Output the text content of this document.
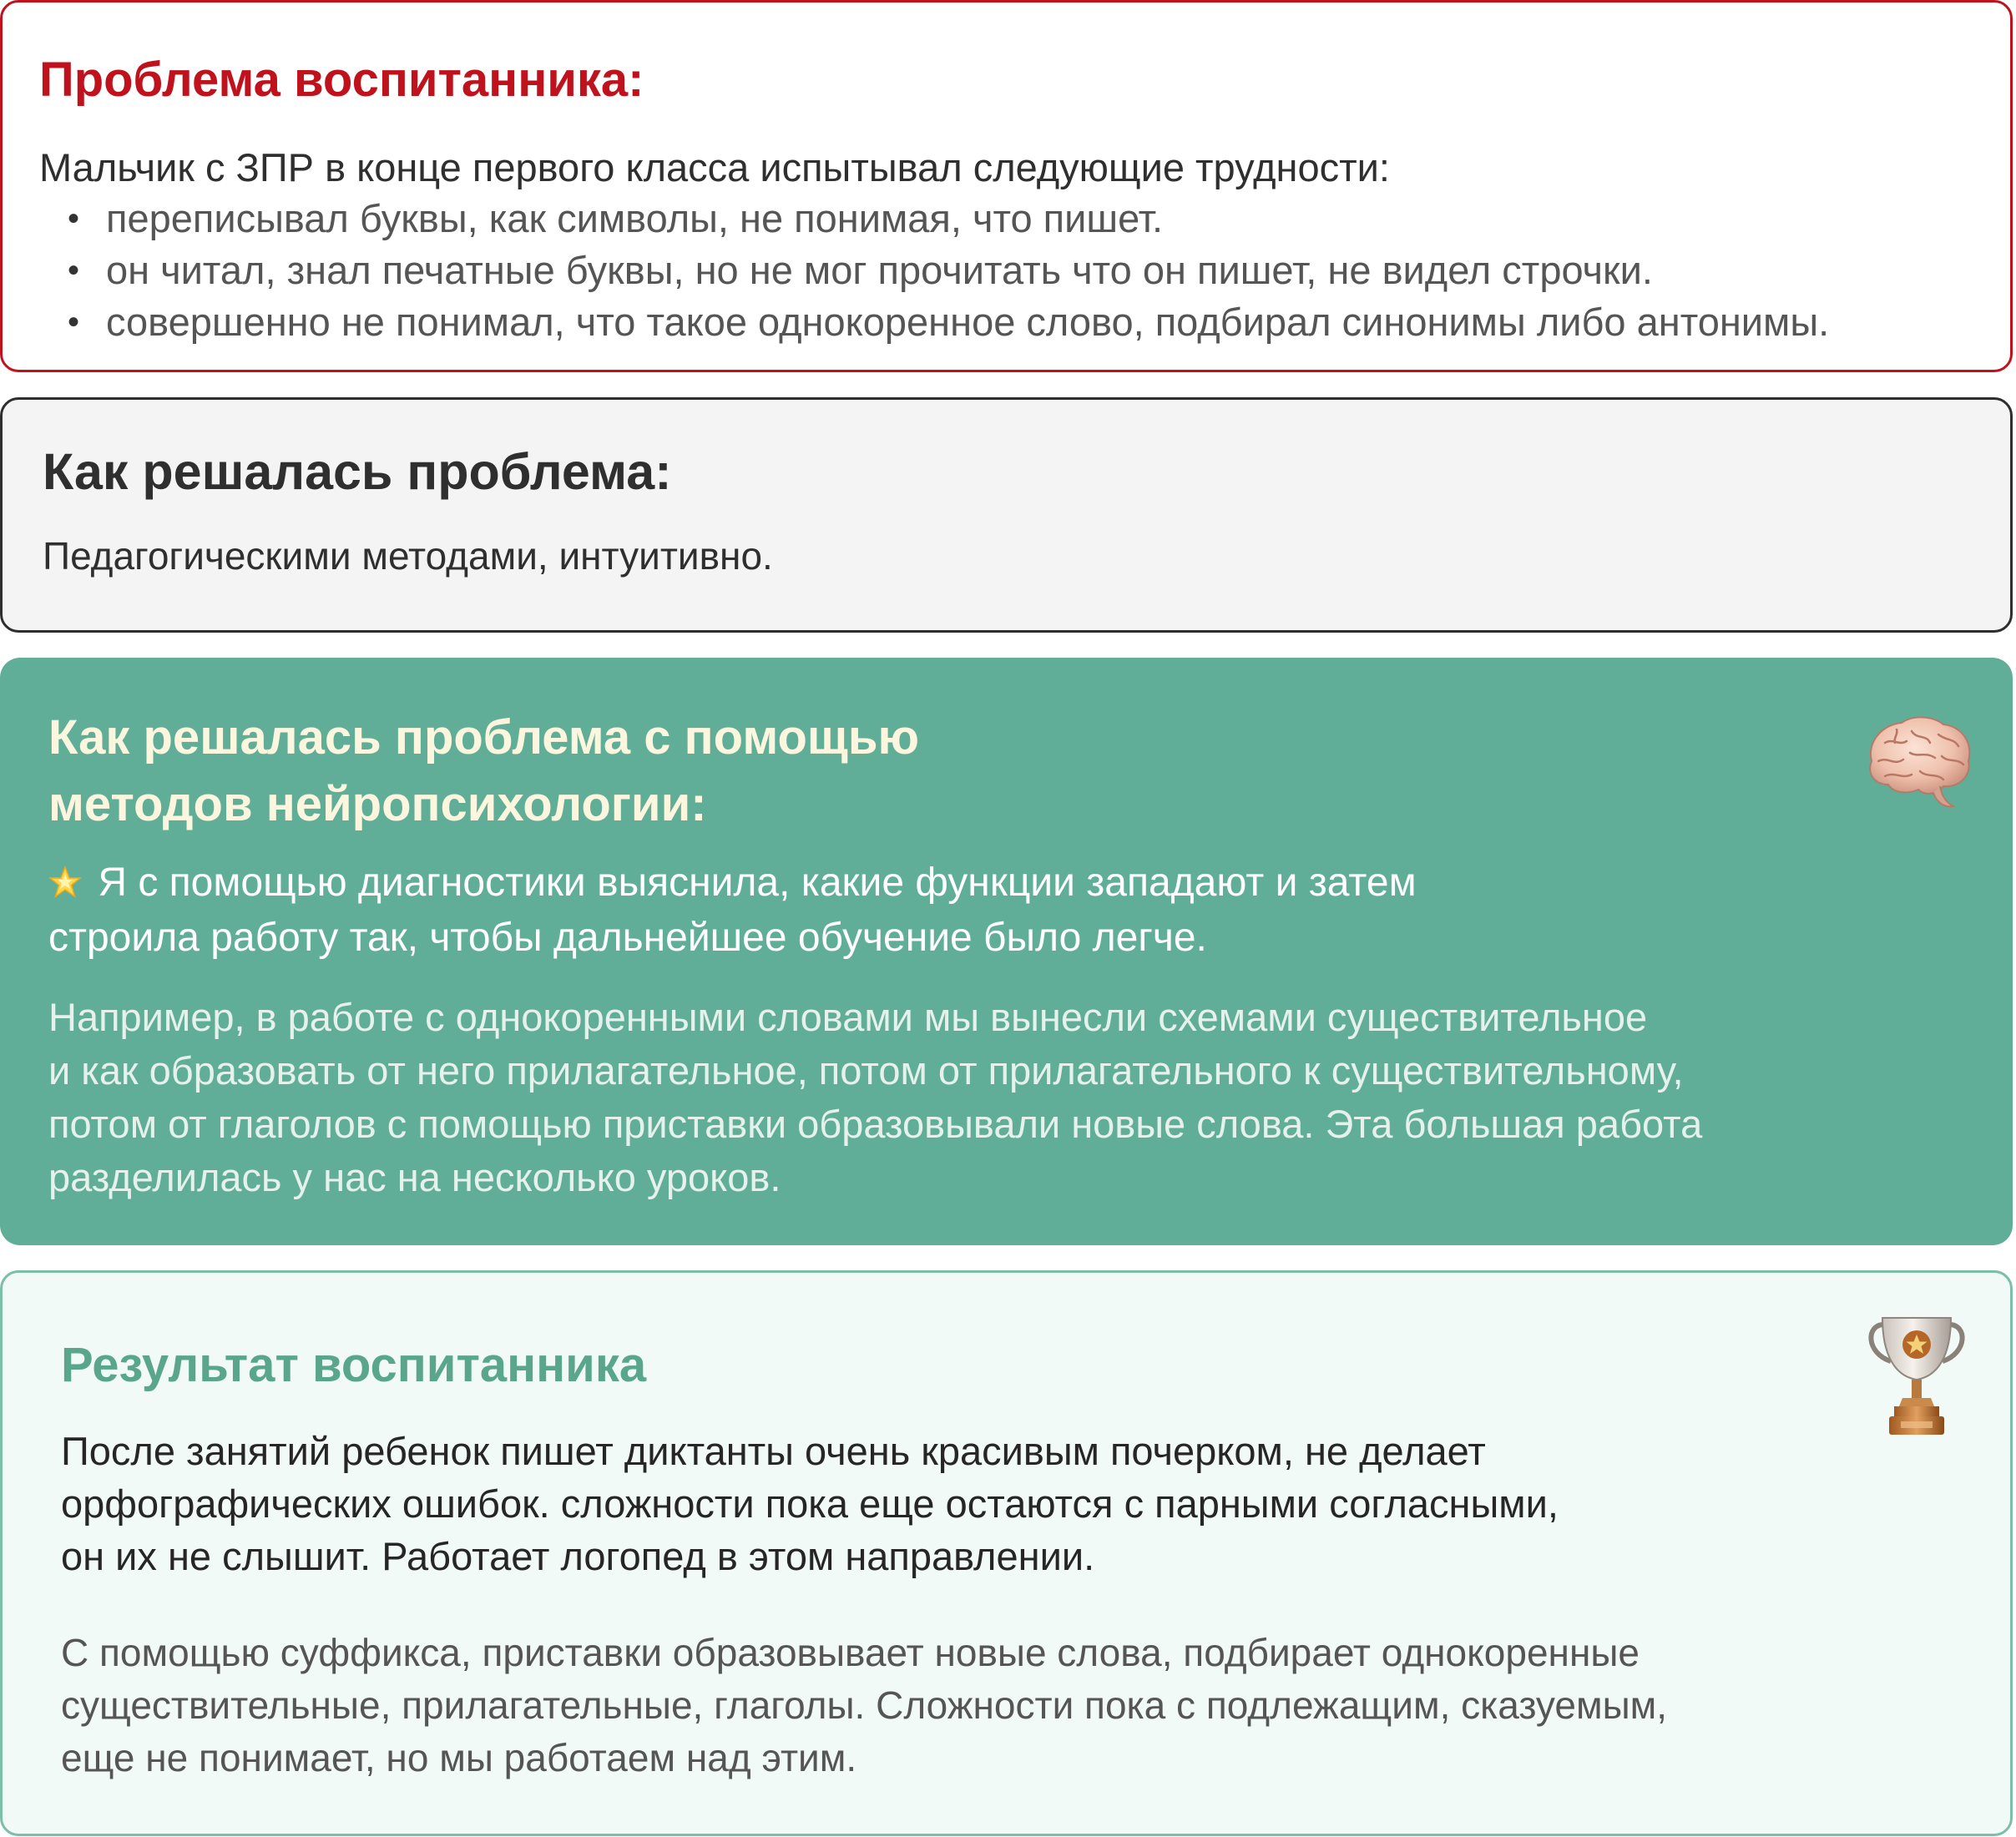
Проблема воспитанника:

Мальчик с ЗПР в конце первого класса испытывал следующие трудности:

• переписывал буквы, как символы, не понимая, что пишет.
• он читал, знал печатные буквы, но не мог прочитать что он пишет, не видел строчки.
• совершенно не понимал, что такое однокоренное слово, подбирал синонимы либо антонимы.
Как решалась проблема:

Педагогическими методами, интуитивно.

Как решалась проблема с помощью
методов нейропсихологии:

Я с помощью диагностики выяснила, какие функции западают и затем
строила работу так, чтобы дальнейшее обучение было легче.

Например, в работе с однокоренными словами мы вынесли схемами существительное
и как образовать от него прилагательное, потом от прилагательного к существительному,
потом от глаголов с помощью приставки образовывали новые слова. Эта большая работа
разделилась у нас на несколько уроков.

Результат воспитанника

После занятий ребенок пишет диктанты очень красивым почерком, не делает
орфографических ошибок. сложности пока еще остаются с парными согласными,
он их не слышит. Работает логопед в этом направлении.

С помощью суффикса, приставки образовывает новые слова, подбирает однокоренные
существительные, прилагательные, глаголы. Сложности пока с подлежащим, сказуемым,
еще не понимает, но мы работаем над этим.
